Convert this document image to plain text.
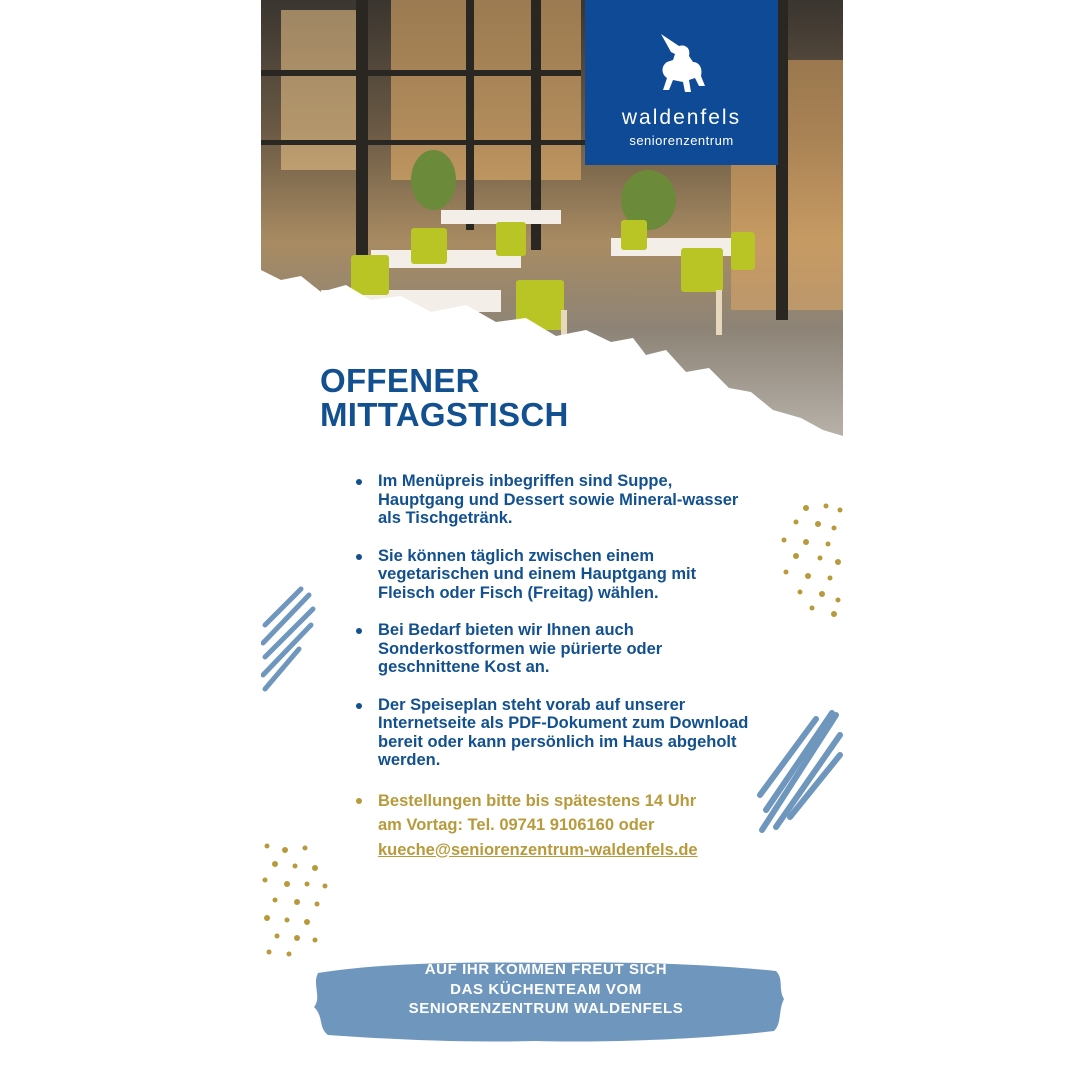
waldenfels
seniorenzentrum
OFFENER
MITTAGSTISCH
Im Menüpreis inbegriffen sind Suppe, Hauptgang und Dessert sowie Mineral-wasser als Tischgetränk.
Sie können täglich zwischen einem vegetarischen und einem Hauptgang mit Fleisch oder Fisch (Freitag) wählen.
Bei Bedarf bieten wir Ihnen auch Sonderkostformen wie pürierte oder geschnittene Kost an.
Der Speiseplan steht vorab auf unserer Internetseite als PDF-Dokument zum Download bereit oder kann persönlich im Haus abgeholt werden.
Bestellungen bitte bis spätestens 14 Uhr
am Vortag: Tel. 09741 9106160 oder
kueche@seniorenzentrum-waldenfels.de
AUF IHR KOMMEN FREUT SICH
DAS KÜCHENTEAM VOM
SENIORENZENTRUM WALDENFELS
